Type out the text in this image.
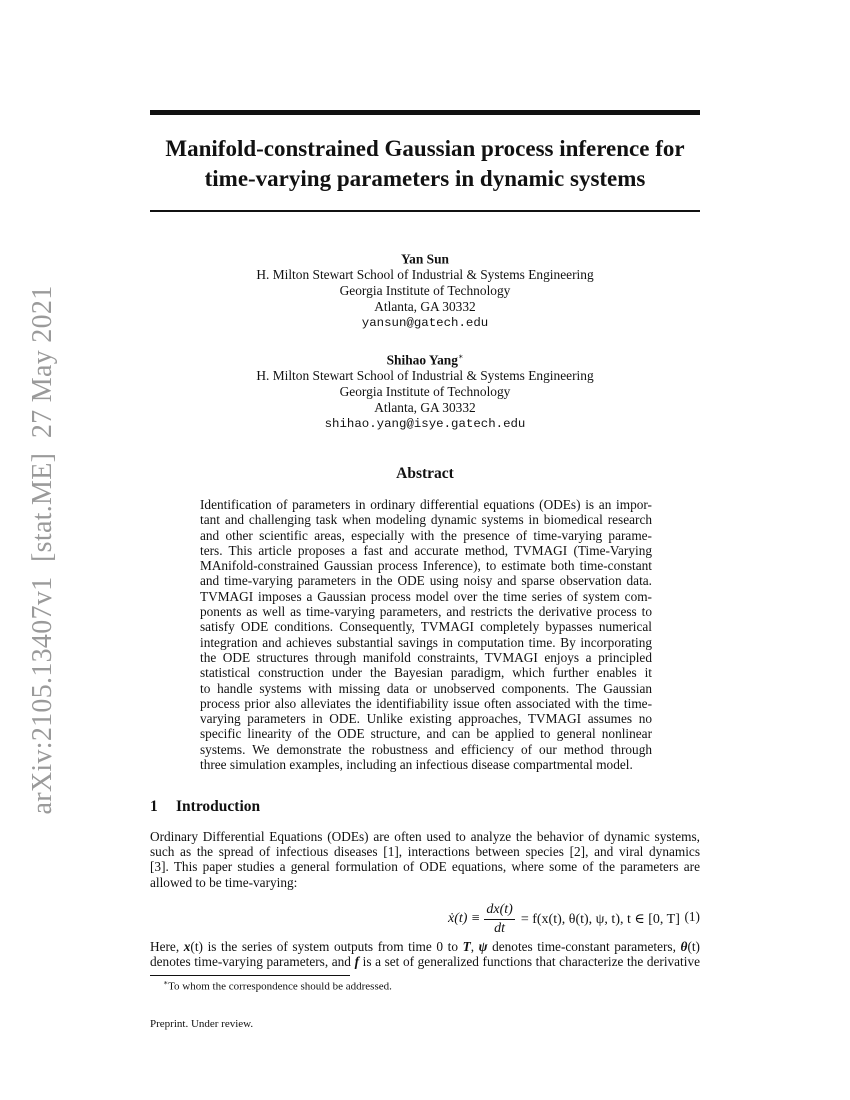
arXiv:2105.13407v1  [stat.ME]  27 May 2021
Manifold-constrained Gaussian process inference for
time-varying parameters in dynamic systems
Yan Sun
H. Milton Stewart School of Industrial & Systems Engineering
Georgia Institute of Technology
Atlanta, GA 30332
yansun@gatech.edu
Shihao Yang∗
H. Milton Stewart School of Industrial & Systems Engineering
Georgia Institute of Technology
Atlanta, GA 30332
shihao.yang@isye.gatech.edu
Abstract
Identification of parameters in ordinary differential equations (ODEs) is an impor-
tant and challenging task when modeling dynamic systems in biomedical research
and other scientific areas, especially with the presence of time-varying parame-
ters. This article proposes a fast and accurate method, TVMAGI (Time-Varying
MAnifold-constrained Gaussian process Inference), to estimate both time-constant
and time-varying parameters in the ODE using noisy and sparse observation data.
TVMAGI imposes a Gaussian process model over the time series of system com-
ponents as well as time-varying parameters, and restricts the derivative process to
satisfy ODE conditions. Consequently, TVMAGI completely bypasses numerical
integration and achieves substantial savings in computation time. By incorporating
the ODE structures through manifold constraints, TVMAGI enjoys a principled
statistical construction under the Bayesian paradigm, which further enables it
to handle systems with missing data or unobserved components. The Gaussian
process prior also alleviates the identifiability issue often associated with the time-
varying parameters in ODE. Unlike existing approaches, TVMAGI assumes no
specific linearity of the ODE structure, and can be applied to general nonlinear
systems. We demonstrate the robustness and efficiency of our method through
three simulation examples, including an infectious disease compartmental model.
1 Introduction
Ordinary Differential Equations (ODEs) are often used to analyze the behavior of dynamic systems,
such as the spread of infectious diseases [1], interactions between species [2], and viral dynamics
[3]. This paper studies a general formulation of ODE equations, where some of the parameters are
allowed to be time-varying:
ẋ(t) ≡ $\frac{dx(t)}{dt} = f(x(t)$, θ(t), ψ, t), t ∈ [0, T] (1)
Here, x(t) is the series of system outputs from time 0 to T, ψ denotes time-constant parameters, θ(t)
denotes time-varying parameters, and f is a set of generalized functions that characterize the derivative
∗To whom the correspondence should be addressed.
Preprint. Under review.
